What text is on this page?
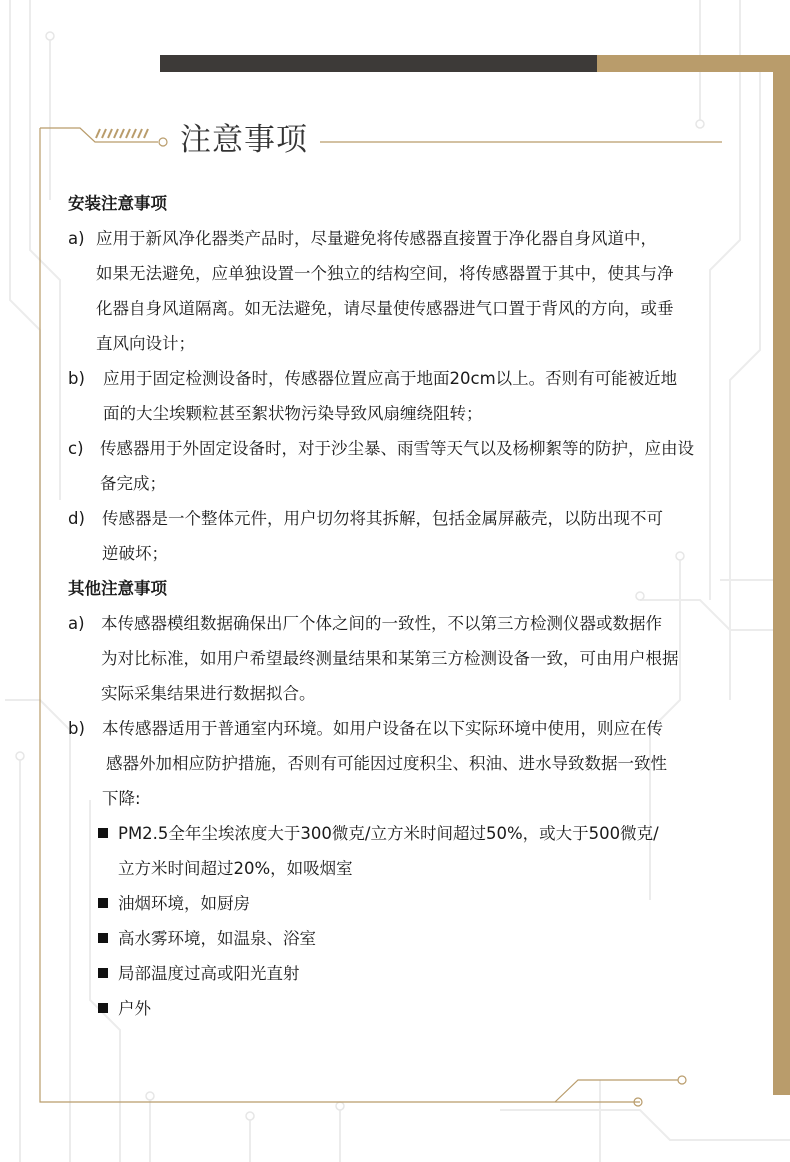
注意事项
安装注意事项
a) 应用于新风净化器类产品时，尽量避免将传感器直接置于净化器自身风道中，
如果无法避免，应单独设置一个独立的结构空间，将传感器置于其中，使其与净
化器自身风道隔离。如无法避免，请尽量使传感器进气口置于背风的方向，或垂
直风向设计；
b)	应用于固定检测设备时，传感器位置应高于地面20cm以上。否则有可能被近地
面的大尘埃颗粒甚至絮状物污染导致风扇缠绕阻转；
c) 传感器用于外固定设备时，对于沙尘暴、雨雪等天气以及杨柳絮等的防护，应由设
备完成；
d)	传感器是一个整体元件，用户切勿将其拆解，包括金属屏蔽壳，以防出现不可
逆破坏；
其他注意事项
a) 本传感器模组数据确保出厂个体之间的一致性，不以第三方检测仪器或数据作
为对比标准，如用户希望最终测量结果和某第三方检测设备一致，可由用户根据
实际采集结果进行数据拟合。
b)	本传感器适用于普通室内环境。如用户设备在以下实际环境中使用，则应在传
感器外加相应防护措施，否则有可能因过度积尘、积油、进水导致数据一致性
下降:
PM2.5全年尘埃浓度大于300微克/立方米时间超过50%，或大于500微克/
立方米时间超过20%，如吸烟室
油烟环境，如厨房
高水雾环境，如温泉、浴室
局部温度过高或阳光直射
户外
